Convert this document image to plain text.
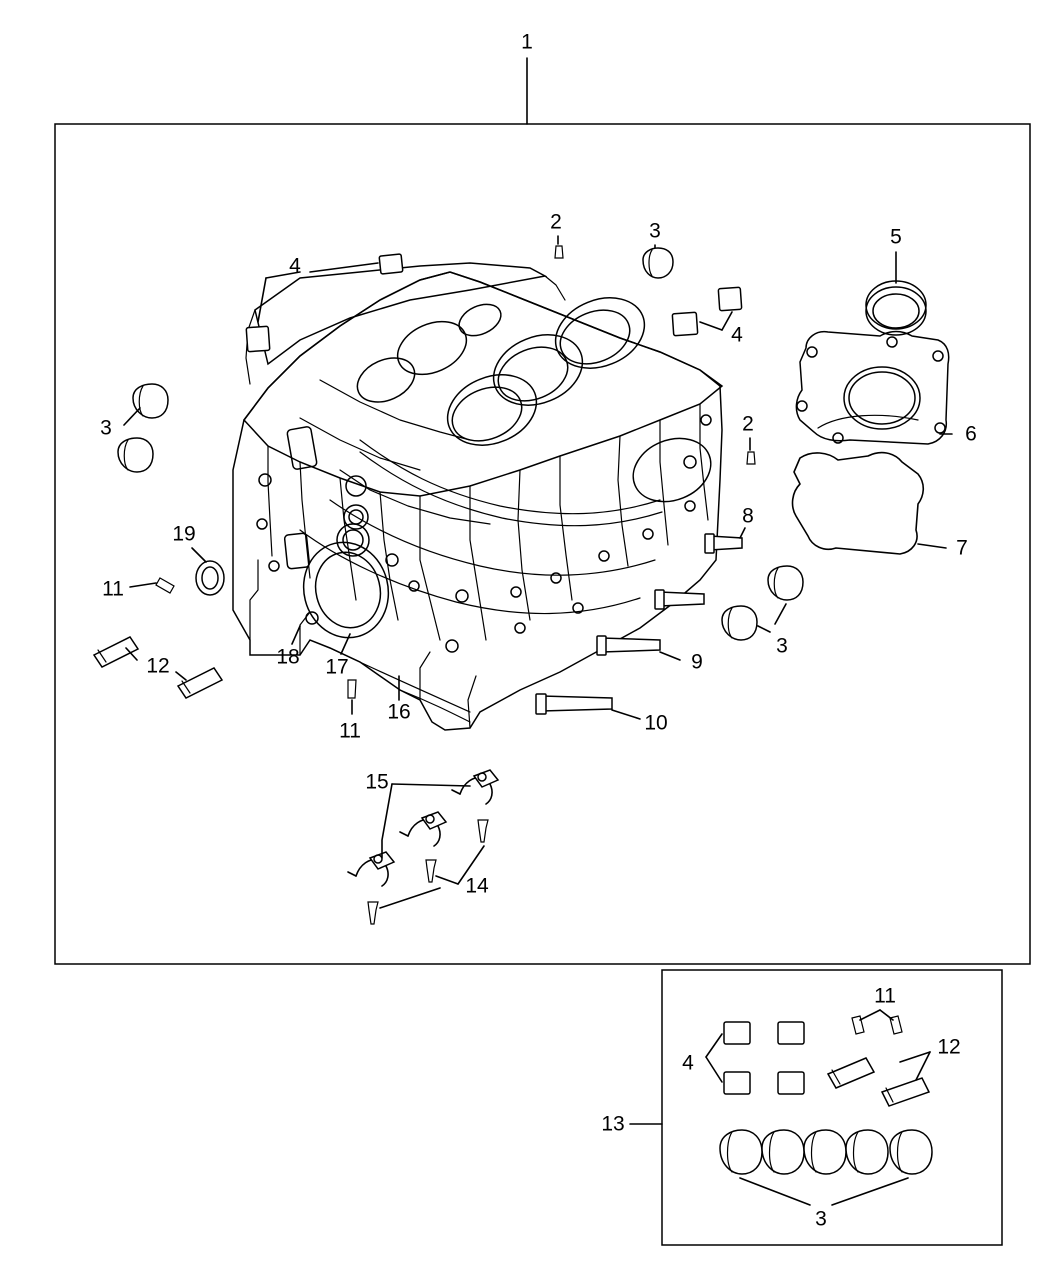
1
2	3
4
4
5
2	6
3
8
7
19
11
3
9
12	18 17
16
11	10
15
14
13
11
12
4
3
